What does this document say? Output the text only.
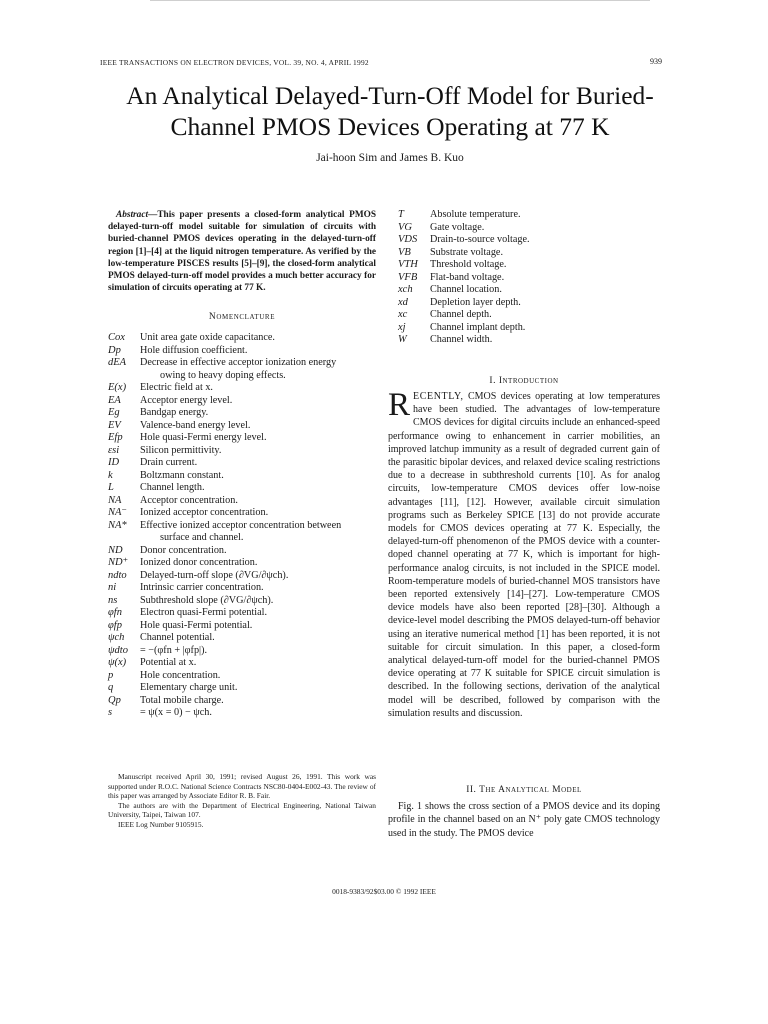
IEEE TRANSACTIONS ON ELECTRON DEVICES, VOL. 39, NO. 4, APRIL 1992	939
An Analytical Delayed-Turn-Off Model for Buried-
Channel PMOS Devices Operating at 77 K
Jai-hoon Sim and James B. Kuo
Abstract—This paper presents a closed-form analytical PMOS delayed-turn-off model suitable for simulation of circuits with buried-channel PMOS devices operating in the delayed-turn-off region [1]–[4] at the liquid nitrogen temperature. As verified by the low-temperature PISCES results [5]–[9], the closed-form analytical PMOS delayed-turn-off model provides a much better accuracy for simulation of circuits operating at 77 K.
Nomenclature
Cox	Unit area gate oxide capacitance.
Dp	Hole diffusion coefficient.
dEA	Decrease in effective acceptor ionization energy
owing to heavy doping effects.
E(x)	Electric field at x.
EA	Acceptor energy level.
Eg	Bandgap energy.
EV	Valence-band energy level.
Efp	Hole quasi-Fermi energy level.
εsi	Silicon permittivity.
ID	Drain current.
k	Boltzmann constant.
L	Channel length.
NA	Acceptor concentration.
NA⁻	Ionized acceptor concentration.
NA*	Effective ionized acceptor concentration between
surface and channel.
ND	Donor concentration.
ND⁺	Ionized donor concentration.
ndto	Delayed-turn-off slope (∂VG/∂ψch).
ni	Intrinsic carrier concentration.
ns	Subthreshold slope (∂VG/∂ψch).
φfn	Electron quasi-Fermi potential.
φfp	Hole quasi-Fermi potential.
ψch	Channel potential.
ψdto	= −(φfn + |φfp|).
ψ(x)	Potential at x.
p	Hole concentration.
q	Elementary charge unit.
Qp	Total mobile charge.
s	= ψ(x = 0) − ψch.
T	Absolute temperature.
VG	Gate voltage.
VDS	Drain-to-source voltage.
VB	Substrate voltage.
VTH	Threshold voltage.
VFB	Flat-band voltage.
xch	Channel location.
xd	Depletion layer depth.
xc	Channel depth.
xj	Channel implant depth.
W	Channel width.

Manuscript received April 30, 1991; revised August 26, 1991. This work was supported under R.O.C. National Science Contracts NSC80-0404-E002-43. The review of this paper was arranged by Associate Editor R. B. Fair.

The authors are with the Department of Electrical Engineering, National Taiwan University, Taipei, Taiwan 107.

IEEE Log Number 9105915.

I. Introduction
RECENTLY, CMOS devices operating at low temperatures have been studied. The advantages of low-temperature CMOS devices for digital circuits include an enhanced-speed performance owing to enhancement in carrier mobilities, an improved latchup immunity as a result of degraded current gain of the parasitic bipolar devices, and relaxed device scaling restrictions due to a decrease in subthreshold currents [10]. As for analog circuits, low-temperature CMOS devices offer low-noise advantages [11], [12]. However, available circuit simulation programs such as Berkeley SPICE [13] do not provide accurate models for CMOS devices operating at 77 K. Especially, the delayed-turn-off phenomenon of the PMOS device with a counter-doped channel operating at 77 K, which is important for high-performance analog circuits, is not included in the SPICE model. Room-temperature models of buried-channel MOS transistors have been reported extensively [14]–[27]. Low-temperature CMOS device models have also been reported [28]–[30]. Although a device-level model describing the PMOS delayed-turn-off behavior using an iterative numerical method [1] has been reported, it is not suitable for circuit simulation. In this paper, a closed-form analytical delayed-turn-off model for the buried-channel PMOS device operating at 77 K suitable for SPICE circuit simulation is described. In the following sections, derivation of the analytical model will be described, followed by comparison with the simulation results and discussion.
II. The Analytical Model
Fig. 1 shows the cross section of a PMOS device and its doping profile in the channel based on an N⁺ poly gate CMOS technology used in the study. The PMOS device
0018-9383/92$03.00 © 1992 IEEE
